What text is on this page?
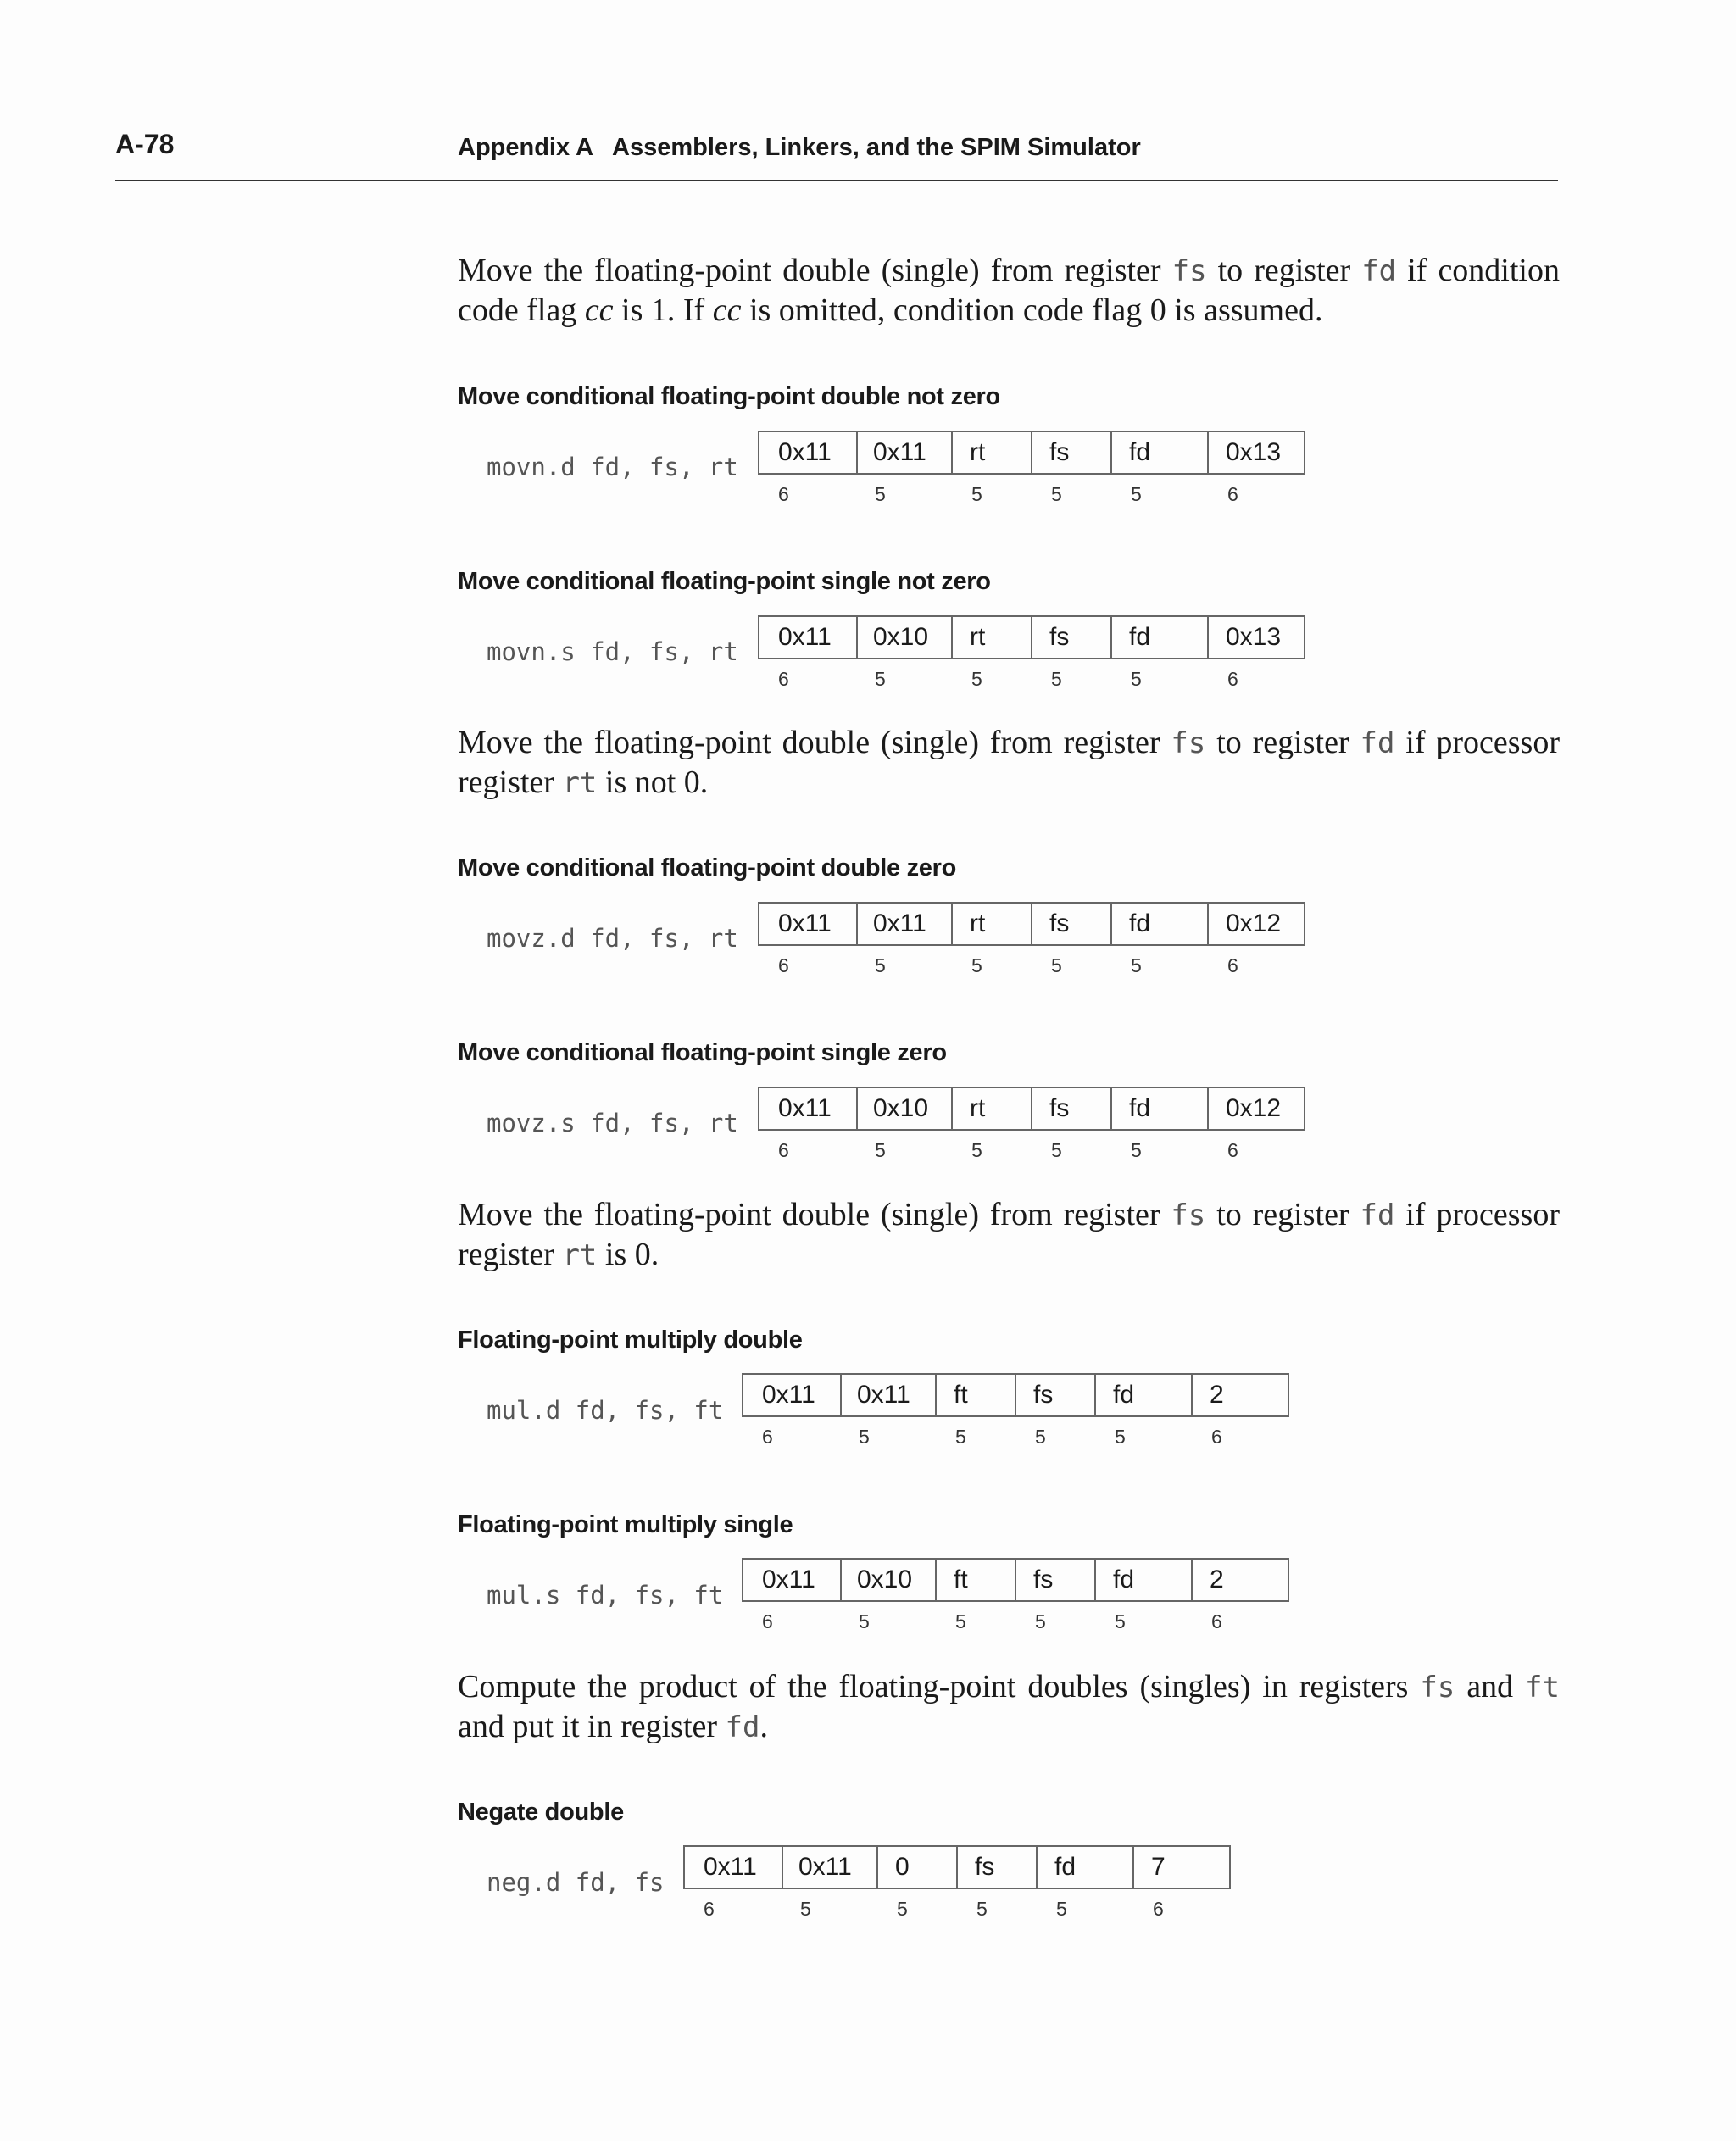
A-78	Appendix A   Assemblers, Linkers, and the SPIM Simulator
Move the floating-point double (single) from register fs to register fd if condition code flag cc is 1. If cc is omitted, condition code flag 0 is assumed.
Move conditional floating-point double not zero
movn.d fd, fs, rt
0x11
6
0x11
5
rt
5
fs
5
fd
5
0x13
6
Move conditional floating-point single not zero
movn.s fd, fs, rt
0x11
6
0x10
5
rt
5
fs
5
fd
5
0x13
6
Move the floating-point double (single) from register fs to register fd if processor register rt is not 0.
Move conditional floating-point double zero
movz.d fd, fs, rt
0x11
6
0x11
5
rt
5
fs
5
fd
5
0x12
6
Move conditional floating-point single zero
movz.s fd, fs, rt
0x11
6
0x10
5
rt
5
fs
5
fd
5
0x12
6
Move the floating-point double (single) from register fs to register fd if processor register rt is 0.
Floating-point multiply double
mul.d fd, fs, ft
0x11
6
0x11
5
ft
5
fs
5
fd
5
2
6
Floating-point multiply single
mul.s fd, fs, ft
0x11
6
0x10
5
ft
5
fs
5
fd
5
2
6
Compute the product of the floating-point doubles (singles) in registers fs and ft and put it in register fd.
Negate double
neg.d fd, fs
0x11
6
0x11
5
0
5
fs
5
fd
5
7
6
